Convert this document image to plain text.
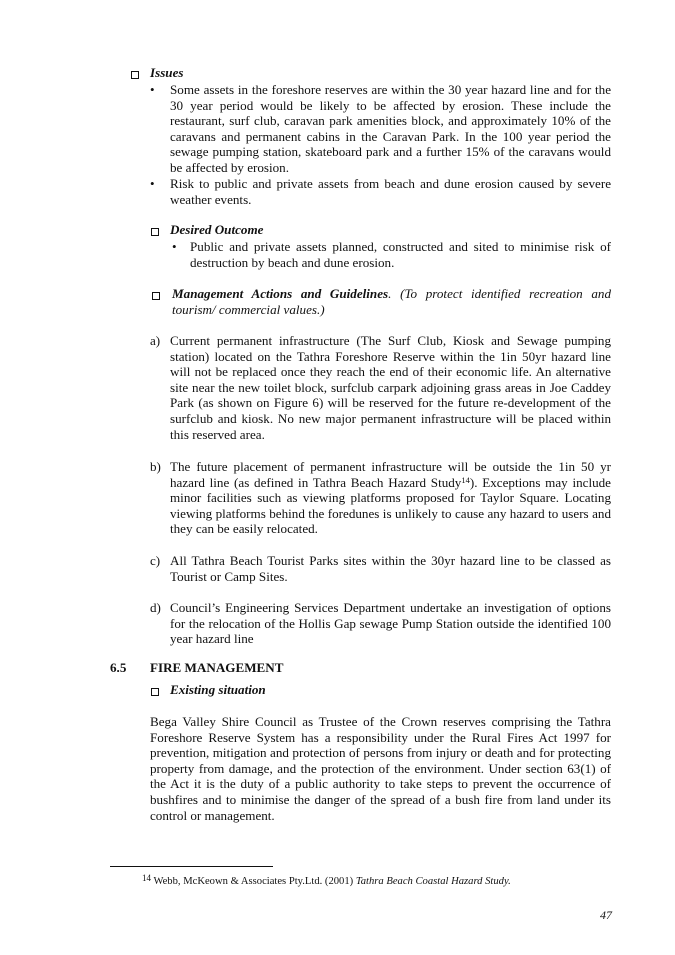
Issues
• Some assets in the foreshore reserves are within the 30 year hazard line and for the 30 year period would be likely to be affected by erosion. These include the restaurant, surf club, caravan park amenities block, and approximately 10% of the caravans and permanent cabins in the Caravan Park. In the 100 year period the sewage pumping station, skateboard park and a further 15% of the caravans would be affected by erosion.
• Risk to public and private assets from beach and dune erosion caused by severe weather events.
Desired Outcome
• Public and private assets planned, constructed and sited to minimise risk of destruction by beach and dune erosion.
Management Actions and Guidelines. (To protect identified recreation and tourism/ commercial values.)
a) Current permanent infrastructure (The Surf Club, Kiosk and Sewage pumping station) located on the Tathra Foreshore Reserve within the 1in 50yr hazard line will not be replaced once they reach the end of their economic life. An alternative site near the new toilet block, surfclub carpark adjoining grass areas in Joe Caddey Park (as shown on Figure 6) will be reserved for the future re-development of the surfclub and kiosk. No new major permanent infrastructure will be placed within this reserved area.
b) The future placement of permanent infrastructure will be outside the 1in 50 yr hazard line (as defined in Tathra Beach Hazard Study$^{14}$). Exceptions may include minor facilities such as viewing platforms proposed for Taylor Square. Locating viewing platforms behind the foredunes is unlikely to cause any hazard to users and they can be easily relocated.
c) All Tathra Beach Tourist Parks sites within the 30yr hazard line to be classed as Tourist or Camp Sites.
d) Council’s Engineering Services Department undertake an investigation of options for the relocation of the Hollis Gap sewage Pump Station outside the identified 100 year hazard line
6.5 FIRE MANAGEMENT
Existing situation
Bega Valley Shire Council as Trustee of the Crown reserves comprising the Tathra Foreshore Reserve System has a responsibility under the Rural Fires Act 1997 for prevention, mitigation and protection of persons from injury or death and for protecting property from damage, and the protection of the environment. Under section 63(1) of the Act it is the duty of a public authority to take steps to prevent the occurrence of bushfires and to minimise the danger of the spread of a bush fire from land under its control or management.
$^{14}$ Webb, McKeown & Associates Pty.Ltd. (2001) Tathra Beach Coastal Hazard Study.
47
